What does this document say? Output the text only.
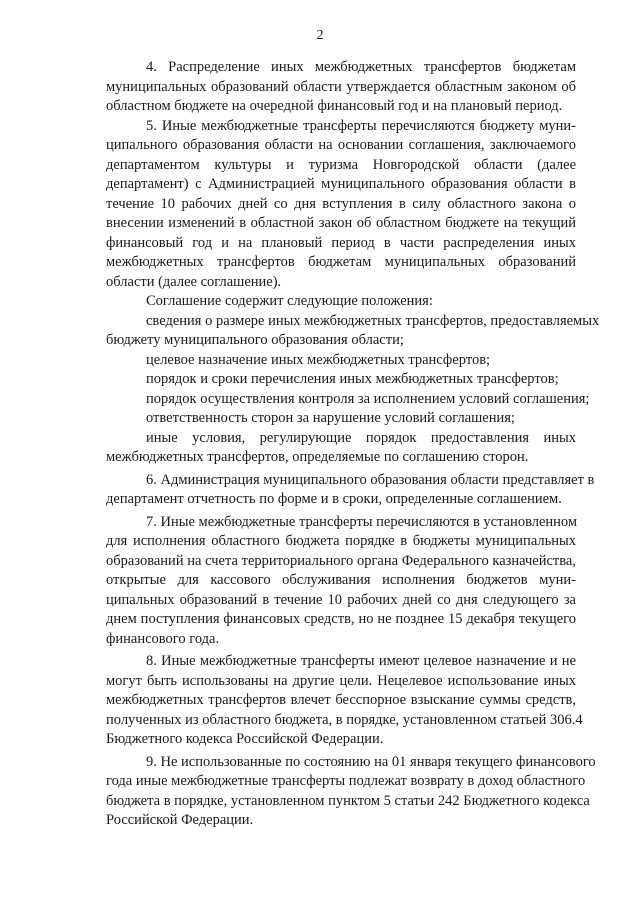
2
4. Распределение иных межбюджетных трансфертов бюджетам
муниципальных образований области утверждается областным законом об
областном бюджете на очередной финансовый год и на плановый период.
5. Иные межбюджетные трансферты перечисляются бюджету муни-
ципального образования области на основании соглашения, заключаемого
департаментом культуры и туризма Новгородской области (далее
департамент) с Администрацией муниципального образования области в
течение 10 рабочих дней со дня вступления в силу областного закона о
внесении изменений в областной закон об областном бюджете на текущий
финансовый год и на плановый период в части распределения иных
межбюджетных трансфертов бюджетам муниципальных образований
области (далее соглашение).
Соглашение содержит следующие положения:
сведения о размере иных межбюджетных трансфертов, предоставляемых
бюджету муниципального образования области;
целевое назначение иных межбюджетных трансфертов;
порядок и сроки перечисления иных межбюджетных трансфертов;
порядок осуществления контроля за исполнением условий соглашения;
ответственность сторон за нарушение условий соглашения;
иные условия, регулирующие порядок предоставления иных
межбюджетных трансфертов, определяемые по соглашению сторон.
6. Администрация муниципального образования области представляет в
департамент отчетность по форме и в сроки, определенные соглашением.
7. Иные межбюджетные трансферты перечисляются в установленном
для исполнения областного бюджета порядке в бюджеты муниципальных
образований на счета территориального органа Федерального казначейства,
открытые для кассового обслуживания исполнения бюджетов муни-
ципальных образований в течение 10 рабочих дней со дня следующего за
днем поступления финансовых средств, но не позднее 15 декабря текущего
финансового года.
8. Иные межбюджетные трансферты имеют целевое назначение и не
могут быть использованы на другие цели. Нецелевое использование иных
межбюджетных трансфертов влечет бесспорное взыскание суммы средств,
полученных из областного бюджета, в порядке, установленном статьей 306.4
Бюджетного кодекса Российской Федерации.
9. Не использованные по состоянию на 01 января текущего финансового
года иные межбюджетные трансферты подлежат возврату в доход областного
бюджета в порядке, установленном пунктом 5 статьи 242 Бюджетного кодекса
Российской Федерации.
